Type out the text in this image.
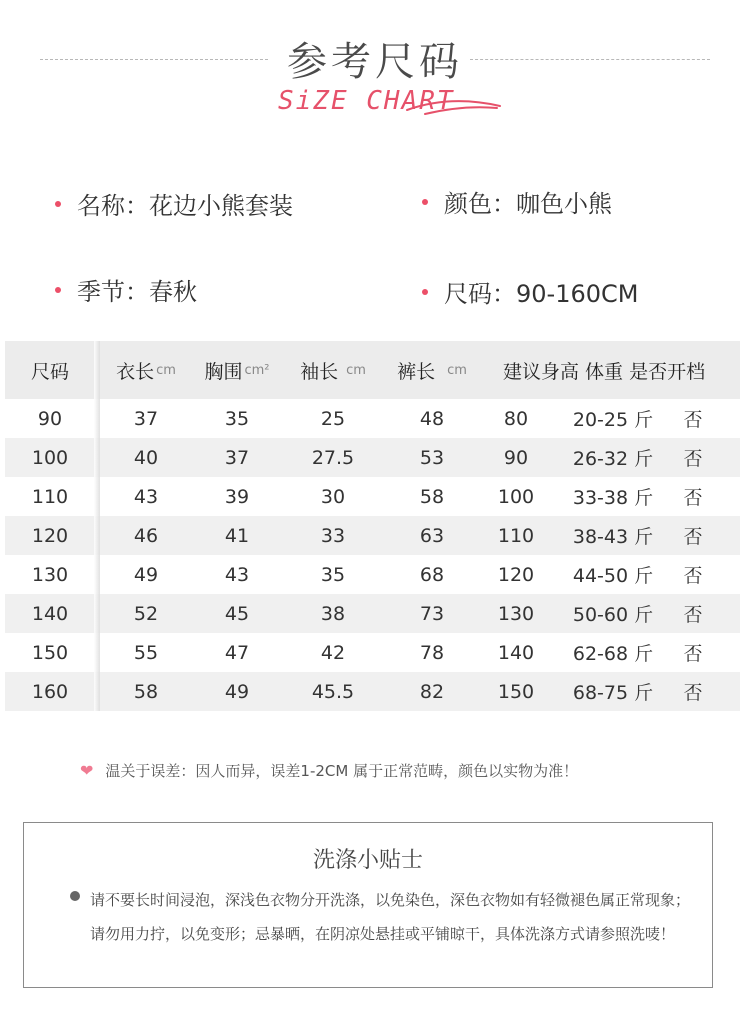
参考尺码
SiZE CHART
名称：花边小熊套装	颜色：咖色小熊
季节：春秋	尺码：90-160CM
尺码 衣长 cm 胸围 cm² 袖长 cm 裤长 cm 建议身高 体重 是否开档
90	37	35	25	48	80	20-25 斤	否
100	40	37	27.5	53	90	26-32 斤	否
110	43	39	30	58	100	33-38 斤	否
120	46	41	33	63	110	38-43 斤	否
130	49	43	35	68	120	44-50 斤	否
140	52	45	38	73	130	50-60 斤	否
150	55	47	42	78	140	62-68 斤	否
160	58	49	45.5	82	150	68-75 斤	否
❤ 温关于误差：因人而异，误差1-2CM 属于正常范畴，颜色以实物为准！
洗涤小贴士
请不要长时间浸泡，深浅色衣物分开洗涤，以免染色，深色衣物如有轻微褪色属正常现象；请勿用力拧，以免变形；忌暴晒，在阴凉处悬挂或平铺晾干，具体洗涤方式请参照洗唛！
